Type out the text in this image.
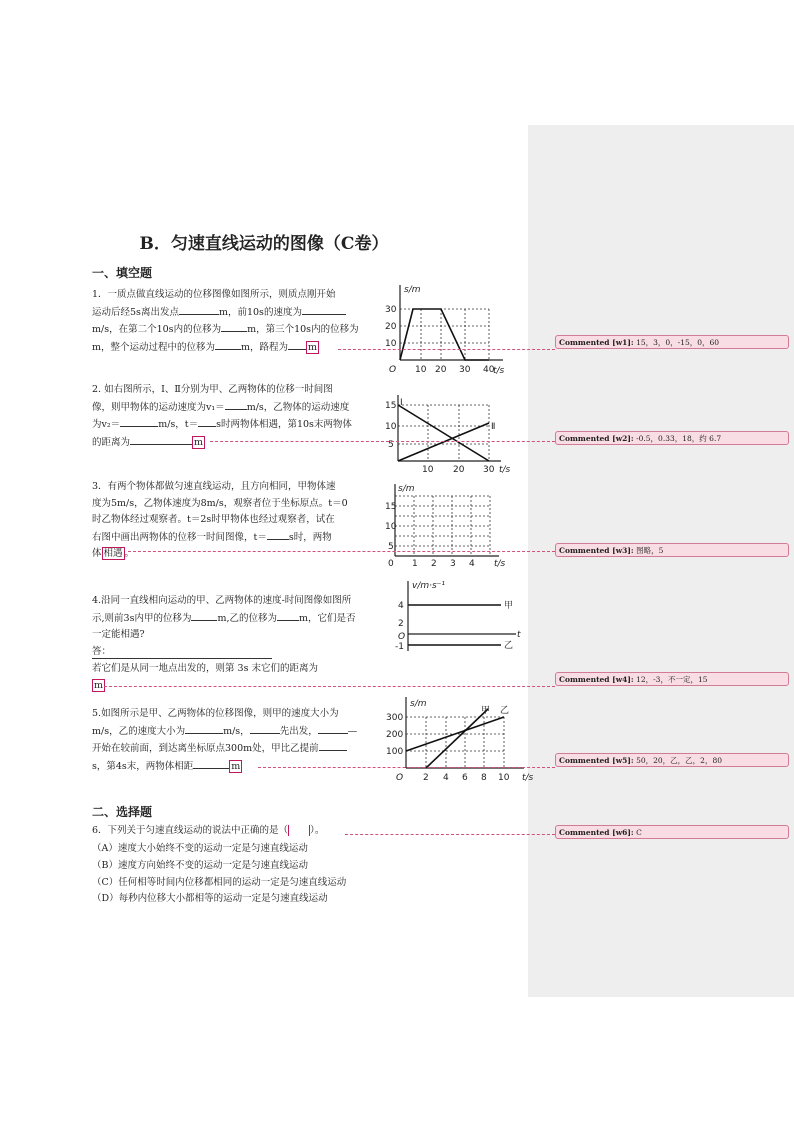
B．匀速直线运动的图像（C卷）
一、填空题
1．一质点做直线运动的位移图像如图所示，则质点刚开始
运动后经5s离出发点	m，前10s的速度为
m/s，在第二个10s内的位移为	m，第三个10s内的位移为
m，整个运动过程中的位移为	m，路程为 m
s/m
t/s
O
30
20
10
10 20 30 40
2. 如右图所示，Ⅰ、Ⅱ分别为甲、乙两物体的位移一时间图
像，则甲物体的运动速度为v₁＝ m/s，乙物体的运动速度
为v₂＝	m/s，t＝ s时两物体相遇，第10s末两物体
的距离为	m
Ⅰ
Ⅱ
15
10
5
10 20 30 t/s
3．有两个物体都做匀速直线运动，且方向相同，甲物体速
度为5m/s，乙物体速度为8m/s，观察者位于坐标原点。t＝0
时乙物体经过观察者。t＝2s时甲物体也经过观察者，试在
右图中画出两物体的位移一时间图像，t＝ s时，两物
体 相遇 。
s/m
15
10
5
0 1 2 3 4 t/s
4.沿同一直线相向运动的甲、乙两物体的速度-时间图像如图所
示,则前3s内甲的位移为	m,乙的位移为 m，它们是否
一定能相遇?
答：
若它们是从同一地点出发的，则第 3s 末它们的距离为
m
v/m·s⁻¹
t
4
2
O
-1
甲
乙
5.如图所示是甲、乙两物体的位移图像，则甲的速度大小为
m/s，乙的速度大小为	m/s，	先出发，	—
开始在较前面，到达离坐标原点300m处，甲比乙提前
s，第4s末，两物体相距	m
s/m
甲 乙
300
200
100
O 2 4 6 8 10 t/s
二、选择题
6．下列关于匀速直线运动的说法中正确的是（ ）。
（A）速度大小始终不变的运动一定是匀速直线运动
（B）速度方向始终不变的运动一定是匀速直线运动
（C）任何相等时间内位移都相同的运动一定是匀速直线运动
（D）每秒内位移大小都相等的运动一定是匀速直线运动
Commented [w1]: 15，3，0，-15，0，60
Commented [w2]: -0.5，0.33，18，约 6.7
Commented [w3]: 图略，5
Commented [w4]: 12，-3，不一定，15
Commented [w5]: 50，20，乙，乙，2，80
Commented [w6]: C
